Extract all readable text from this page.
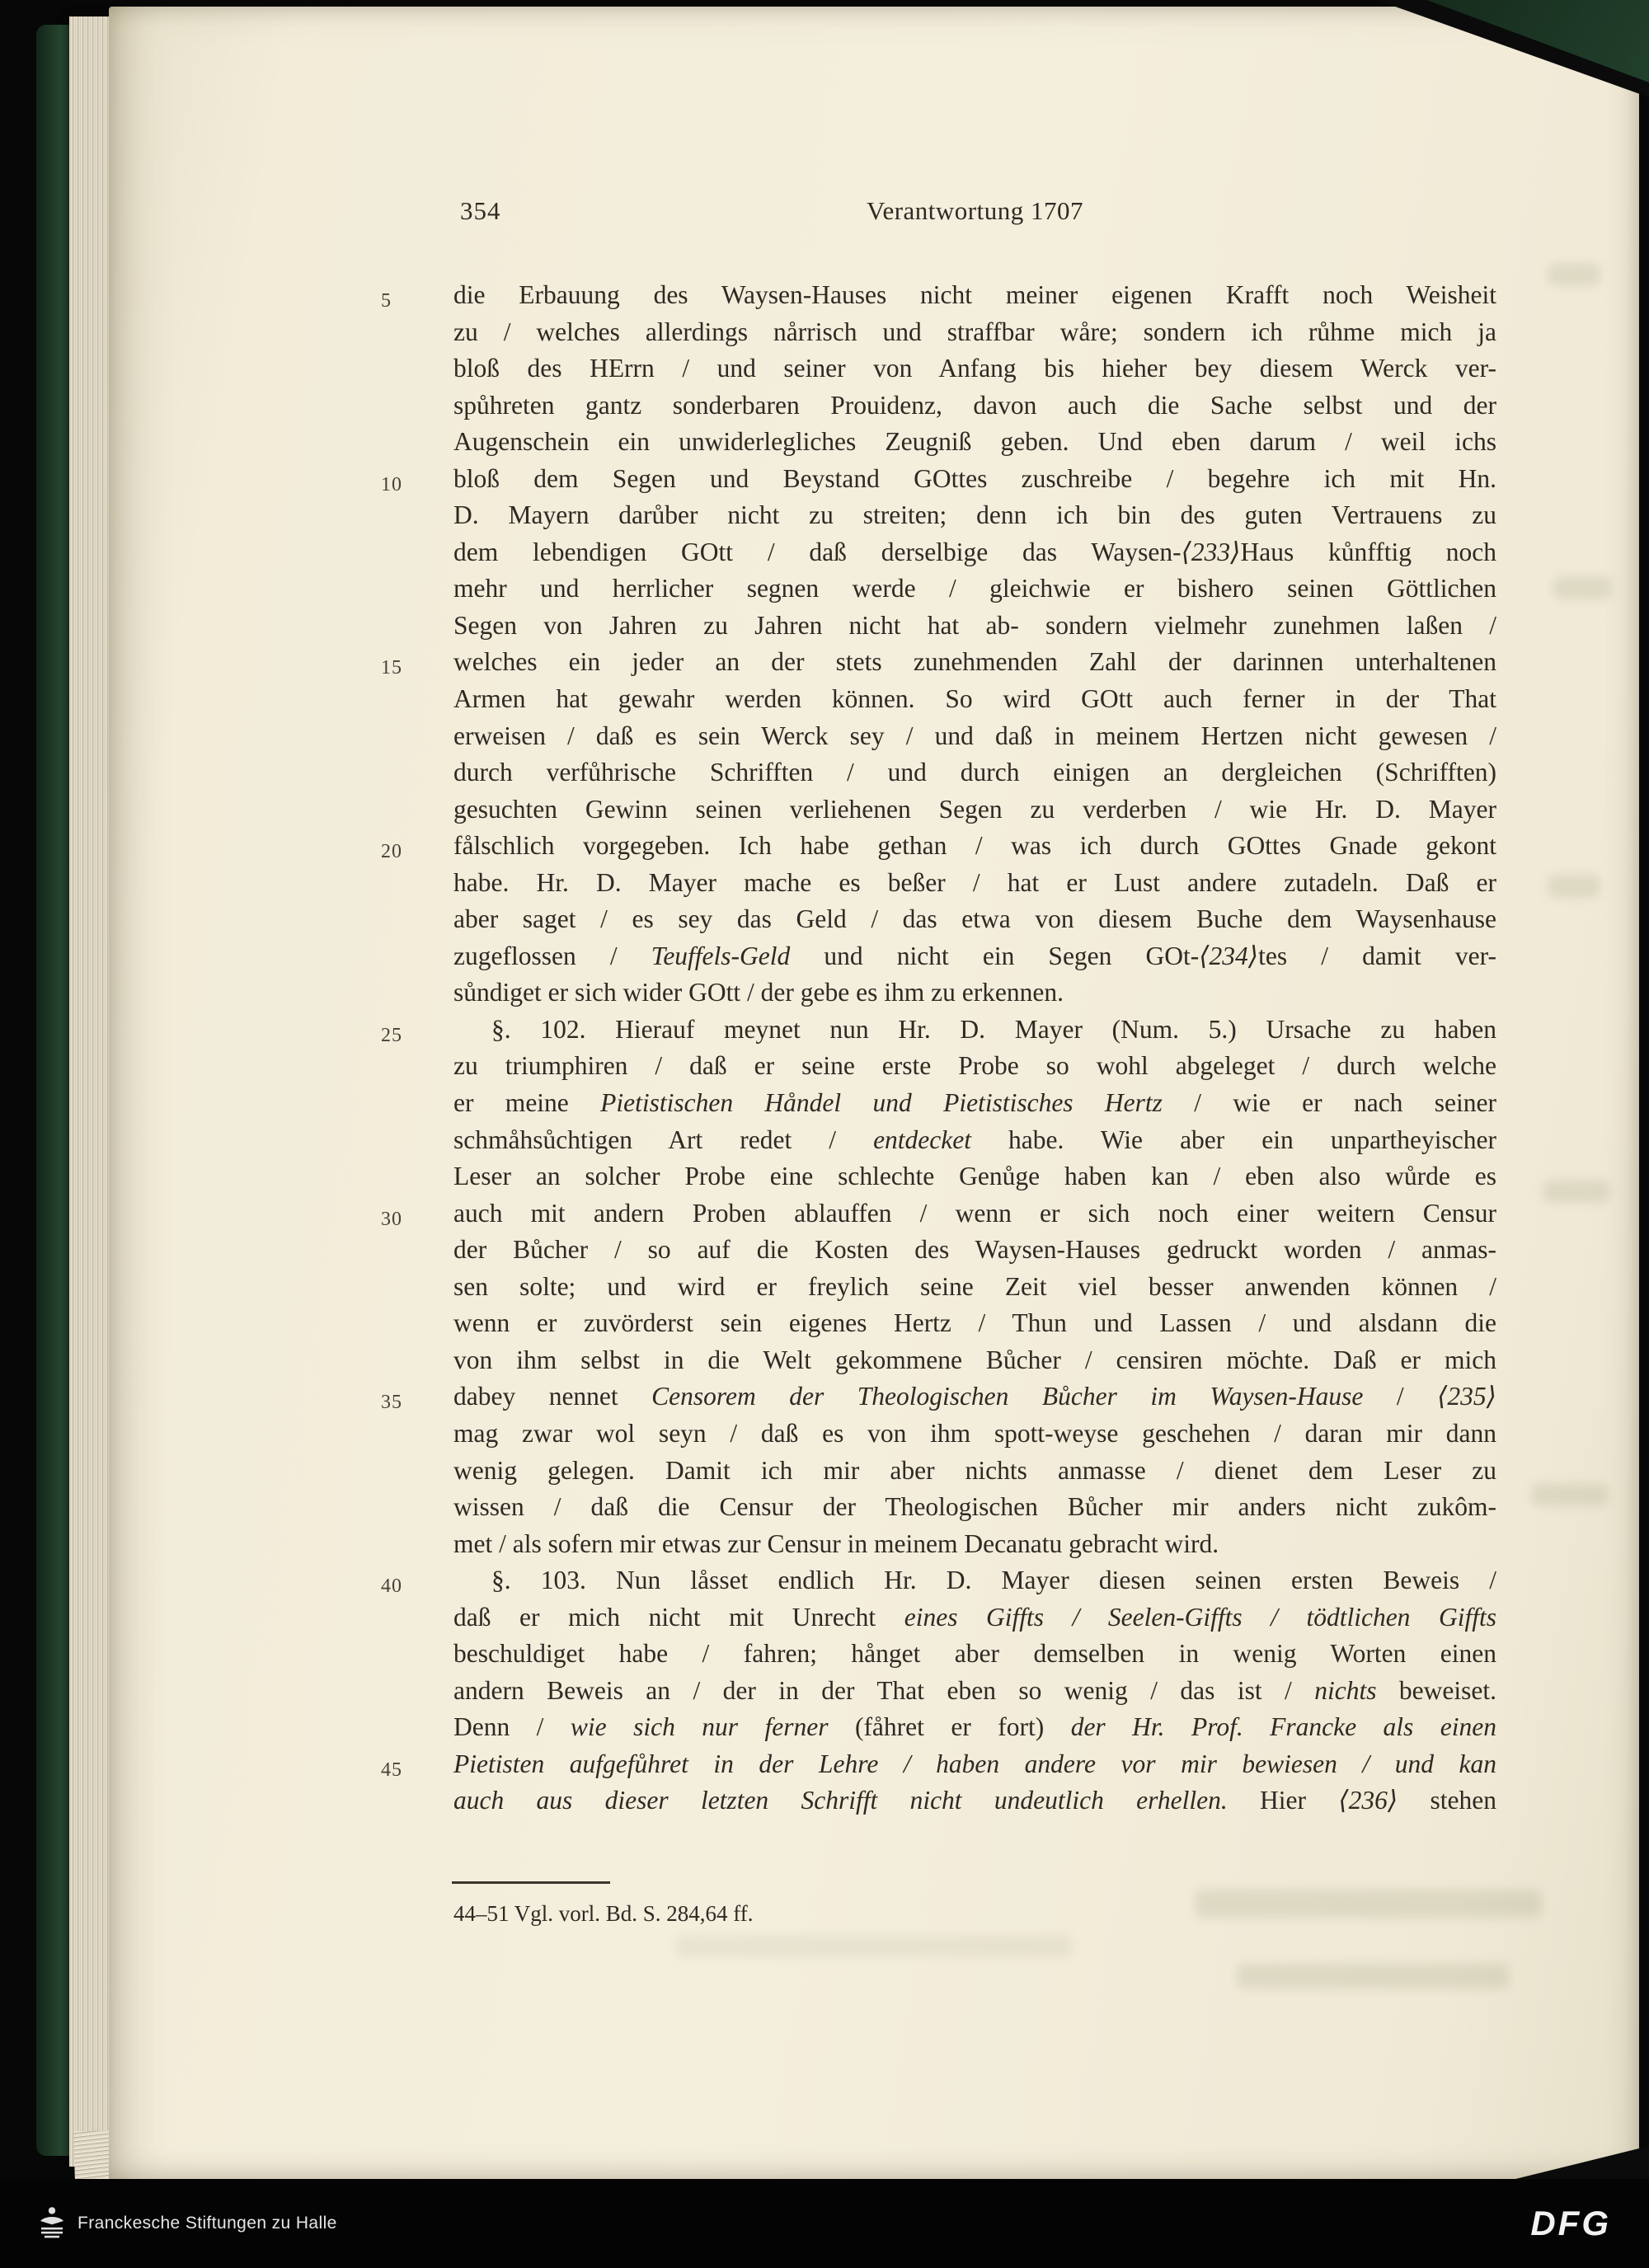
354	Verantwortung 1707
5	die Erbauung des Waysen-Hauses nicht meiner eigenen Krafft noch Weisheit
zu / welches allerdings nårrisch und straffbar wåre; sondern ich růhme mich ja
bloß des HErrn / und seiner von Anfang bis hieher bey diesem Werck ver-
spůhreten gantz sonderbaren Prouidenz, davon auch die Sache selbst und der
Augenschein ein unwiderlegliches Zeugniß geben. Und eben darum / weil ichs
10	bloß dem Segen und Beystand GOttes zuschreibe / begehre ich mit Hn.
D. Mayern darůber nicht zu streiten; denn ich bin des guten Vertrauens zu
dem lebendigen GOtt / daß derselbige das Waysen-⟨233⟩Haus kůnfftig noch
mehr und herrlicher segnen werde / gleichwie er bishero seinen Göttlichen
Segen von Jahren zu Jahren nicht hat ab- sondern vielmehr zunehmen laßen /
15	welches ein jeder an der stets zunehmenden Zahl der darinnen unterhaltenen
Armen hat gewahr werden können. So wird GOtt auch ferner in der That
erweisen / daß es sein Werck sey / und daß in meinem Hertzen nicht gewesen /
durch verfůhrische Schrifften / und durch einigen an dergleichen (Schrifften)
gesuchten Gewinn seinen verliehenen Segen zu verderben / wie Hr. D. Mayer
20	fålschlich vorgegeben. Ich habe gethan / was ich durch GOttes Gnade gekont
habe. Hr. D. Mayer mache es beßer / hat er Lust andere zutadeln. Daß er
aber saget / es sey das Geld / das etwa von diesem Buche dem Waysenhause
zugeflossen / Teuffels-Geld und nicht ein Segen GOt-⟨234⟩tes / damit ver-
sůndiget er sich wider GOtt / der gebe es ihm zu erkennen.
25	§. 102. Hierauf meynet nun Hr. D. Mayer (Num. 5.) Ursache zu haben
zu triumphiren / daß er seine erste Probe so wohl abgeleget / durch welche
er meine Pietistischen Håndel und Pietistisches Hertz / wie er nach seiner
schmåhsůchtigen Art redet / entdecket habe. Wie aber ein unpartheyischer
Leser an solcher Probe eine schlechte Genůge haben kan / eben also wůrde es
30	auch mit andern Proben ablauffen / wenn er sich noch einer weitern Censur
der Bůcher / so auf die Kosten des Waysen-Hauses gedruckt worden / anmas-
sen solte; und wird er freylich seine Zeit viel besser anwenden können /
wenn er zuvörderst sein eigenes Hertz / Thun und Lassen / und alsdann die
von ihm selbst in die Welt gekommene Bůcher / censiren möchte. Daß er mich
35	dabey nennet Censorem der Theologischen Bůcher im Waysen-Hause / ⟨235⟩
mag zwar wol seyn / daß es von ihm spott-weyse geschehen / daran mir dann
wenig gelegen. Damit ich mir aber nichts anmasse / dienet dem Leser zu
wissen / daß die Censur der Theologischen Bůcher mir anders nicht zukôm-
met / als sofern mir etwas zur Censur in meinem Decanatu gebracht wird.
40	§. 103. Nun låsset endlich Hr. D. Mayer diesen seinen ersten Beweis /
daß er mich nicht mit Unrecht eines Giffts / Seelen-Giffts / tödtlichen Giffts
beschuldiget habe / fahren; hånget aber demselben in wenig Worten einen
andern Beweis an / der in der That eben so wenig / das ist / nichts beweiset.
Denn / wie sich nur ferner (fåhret er fort) der Hr. Prof. Francke als einen
45	Pietisten aufgefůhret in der Lehre / haben andere vor mir bewiesen / und kan
auch aus dieser letzten Schrifft nicht undeutlich erhellen. Hier ⟨236⟩ stehen
44–51 Vgl. vorl. Bd. S. 284,64 ff.
Franckesche Stiftungen zu Halle	DFG
